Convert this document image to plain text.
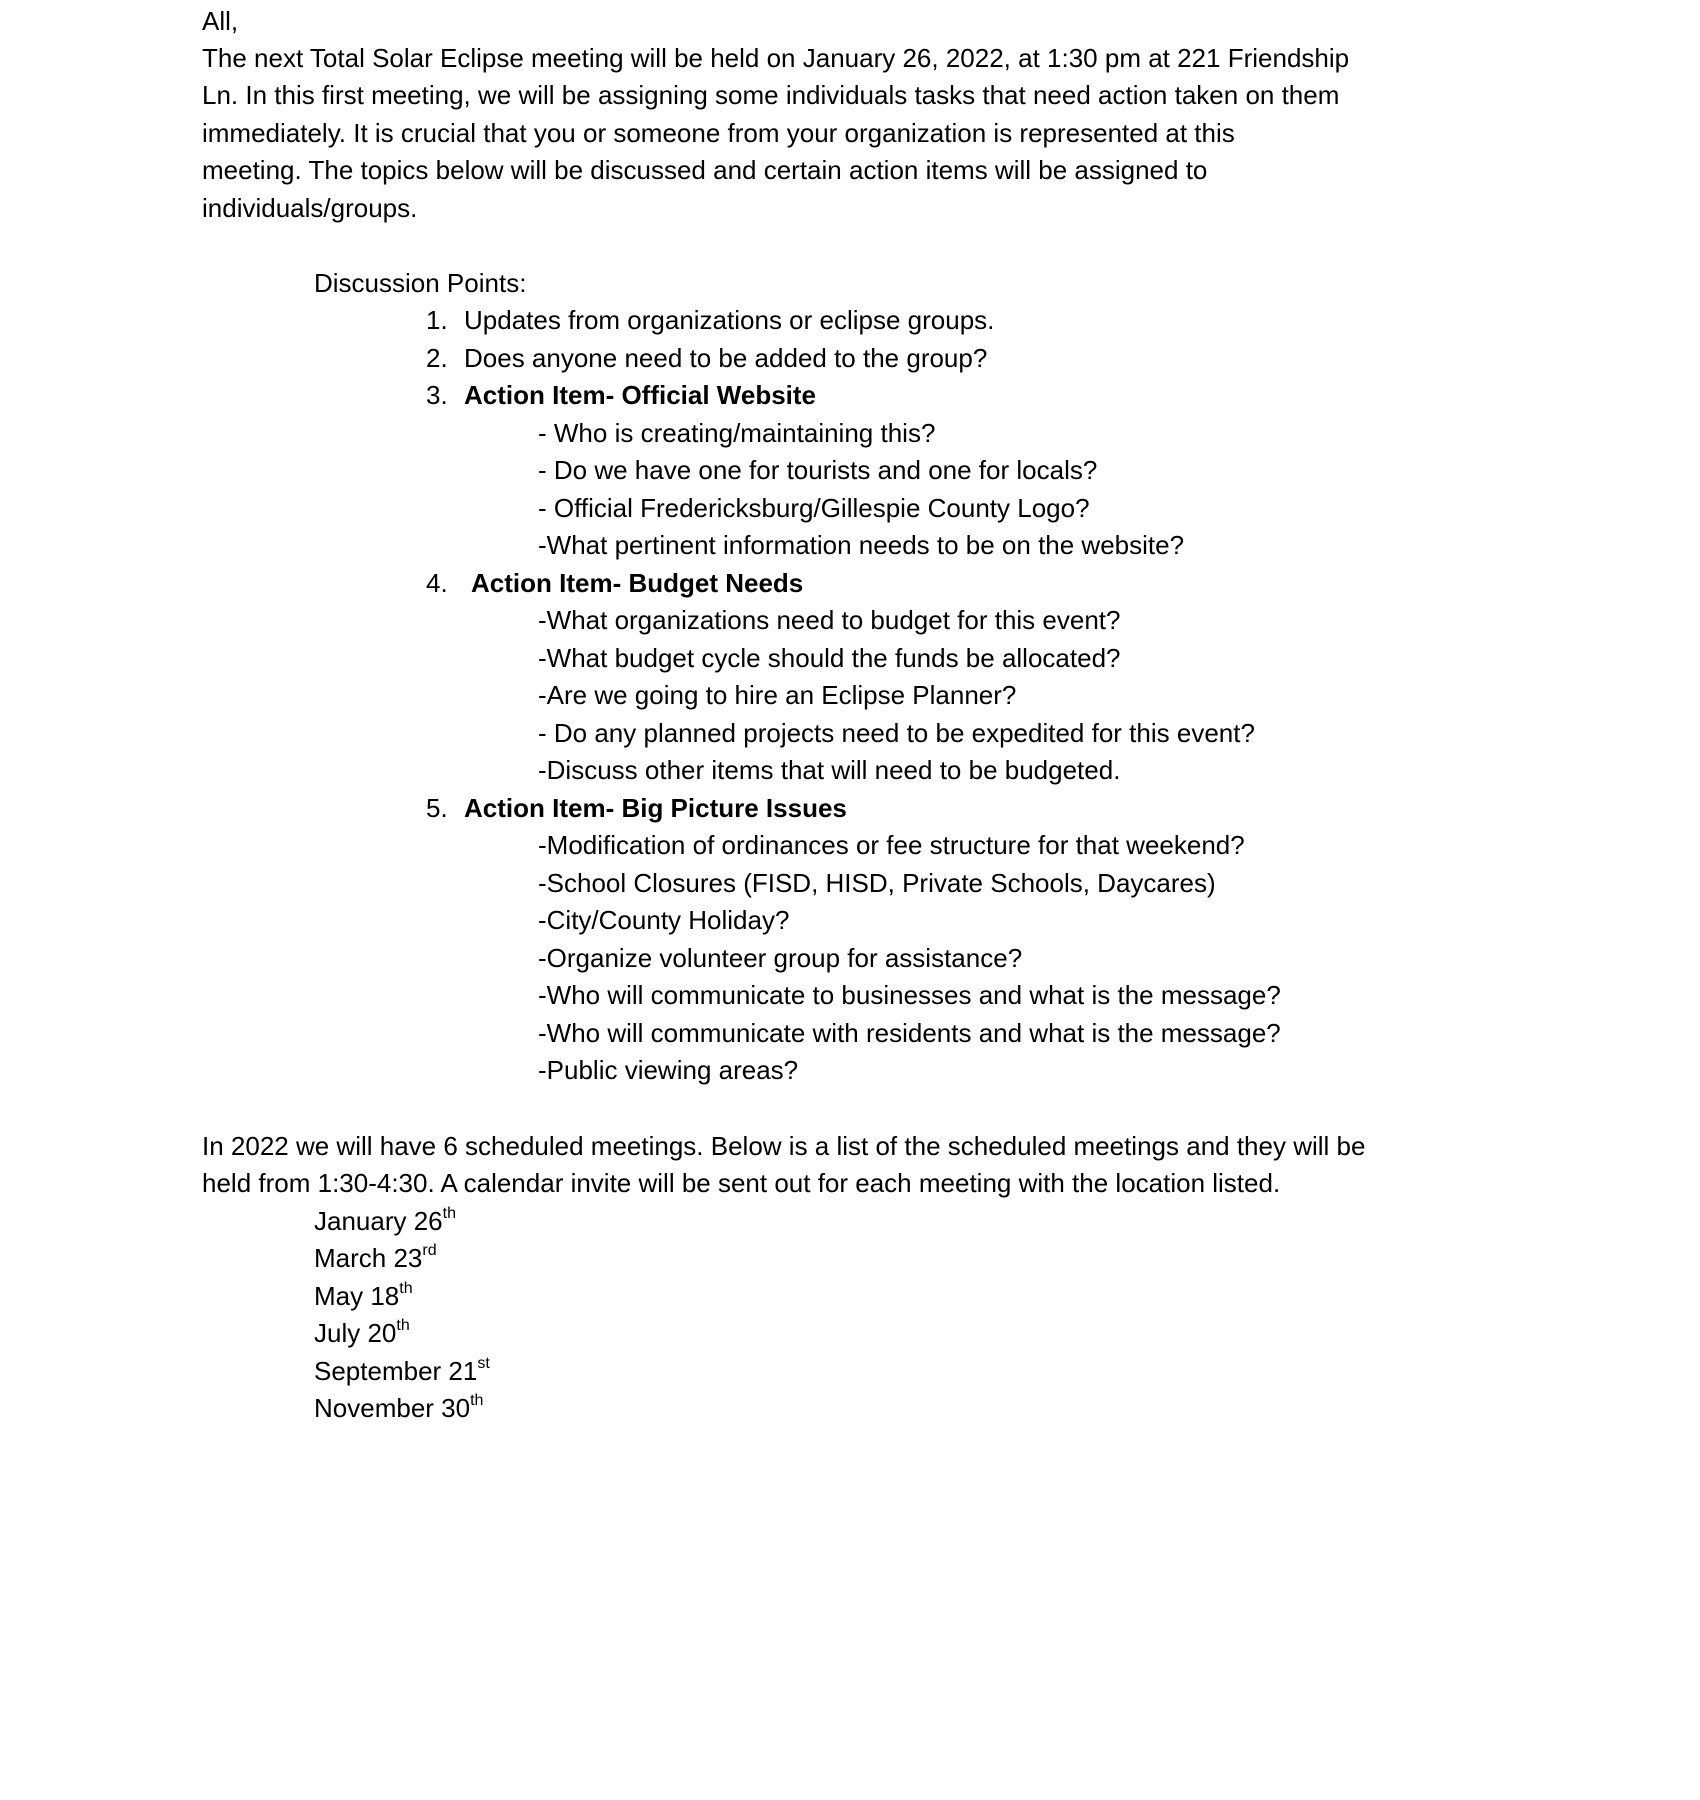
All,
The next Total Solar Eclipse meeting will be held on January 26, 2022, at 1:30 pm at 221 Friendship
Ln. In this first meeting, we will be assigning some individuals tasks that need action taken on them
immediately. It is crucial that you or someone from your organization is represented at this
meeting. The topics below will be discussed and certain action items will be assigned to
individuals/groups.
Discussion Points:
1. Updates from organizations or eclipse groups.
2. Does anyone need to be added to the group?
3. Action Item- Official Website
- Who is creating/maintaining this?
- Do we have one for tourists and one for locals?
- Official Fredericksburg/Gillespie County Logo?
-What pertinent information needs to be on the website?
4. Action Item- Budget Needs
-What organizations need to budget for this event?
-What budget cycle should the funds be allocated?
-Are we going to hire an Eclipse Planner?
- Do any planned projects need to be expedited for this event?
-Discuss other items that will need to be budgeted.
5. Action Item- Big Picture Issues
-Modification of ordinances or fee structure for that weekend?
-School Closures (FISD, HISD, Private Schools, Daycares)
-City/County Holiday?
-Organize volunteer group for assistance?
-Who will communicate to businesses and what is the message?
-Who will communicate with residents and what is the message?
-Public viewing areas?
In 2022 we will have 6 scheduled meetings. Below is a list of the scheduled meetings and they will be
held from 1:30-4:30. A calendar invite will be sent out for each meeting with the location listed.
January 26th
March 23rd
May 18th
July 20th
September 21st
November 30th
